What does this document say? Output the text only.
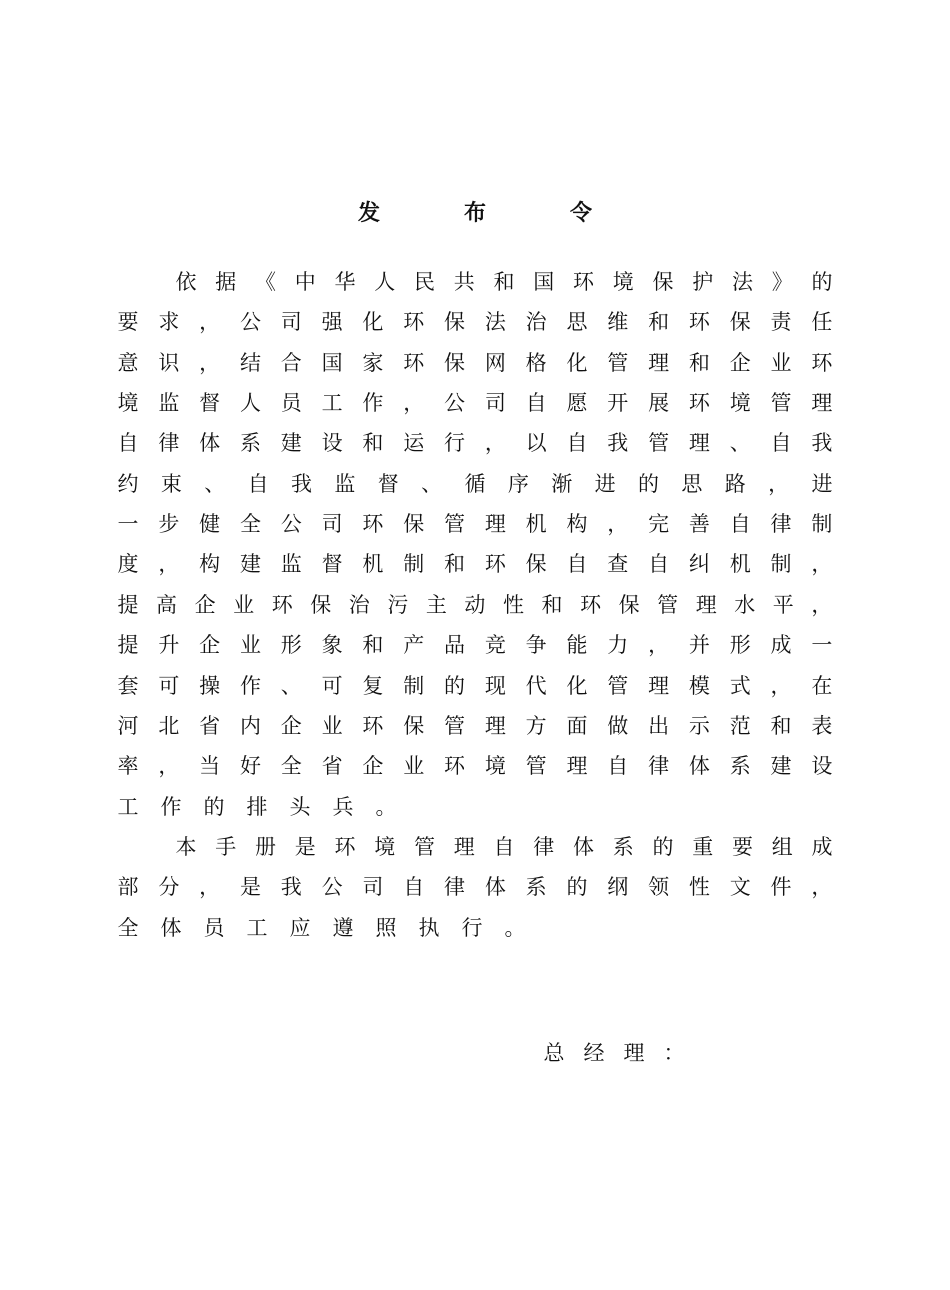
发	布	令
依 据 《 中 华 人 民 共 和 国 环 境 保 护 法 》 的
要 求 ， 公 司 强 化 环 保 法 治 思 维 和 环 保 责 任
意 识 ， 结 合 国 家 环 保 网 格 化 管 理 和 企 业 环
境 监 督 人 员 工 作 ， 公 司 自 愿 开 展 环 境 管 理
自 律 体 系 建 设 和 运 行 ， 以 自 我 管 理 、 自 我
约 束 、 自 我 监 督 、 循 序 渐 进 的 思 路 ， 进
一 步 健 全 公 司 环 保 管 理 机 构 ， 完 善 自 律 制
度 ， 构 建 监 督 机 制 和 环 保 自 查 自 纠 机 制 ，
提 高 企 业 环 保 治 污 主 动 性 和 环 保 管 理 水 平 ，
提 升 企 业 形 象 和 产 品 竞 争 能 力 ， 并 形 成 一
套 可 操 作 、 可 复 制 的 现 代 化 管 理 模 式 ， 在
河 北 省 内 企 业 环 保 管 理 方 面 做 出 示 范 和 表
率 ， 当 好 全 省 企 业 环 境 管 理 自 律 体 系 建 设
工 作 的 排 头 兵 。
本 手 册 是 环 境 管 理 自 律 体 系 的 重 要 组 成
部 分 ， 是 我 公 司 自 律 体 系 的 纲 领 性 文 件 ，
全 体 员 工 应 遵 照 执 行 。
总 经 理 ：
